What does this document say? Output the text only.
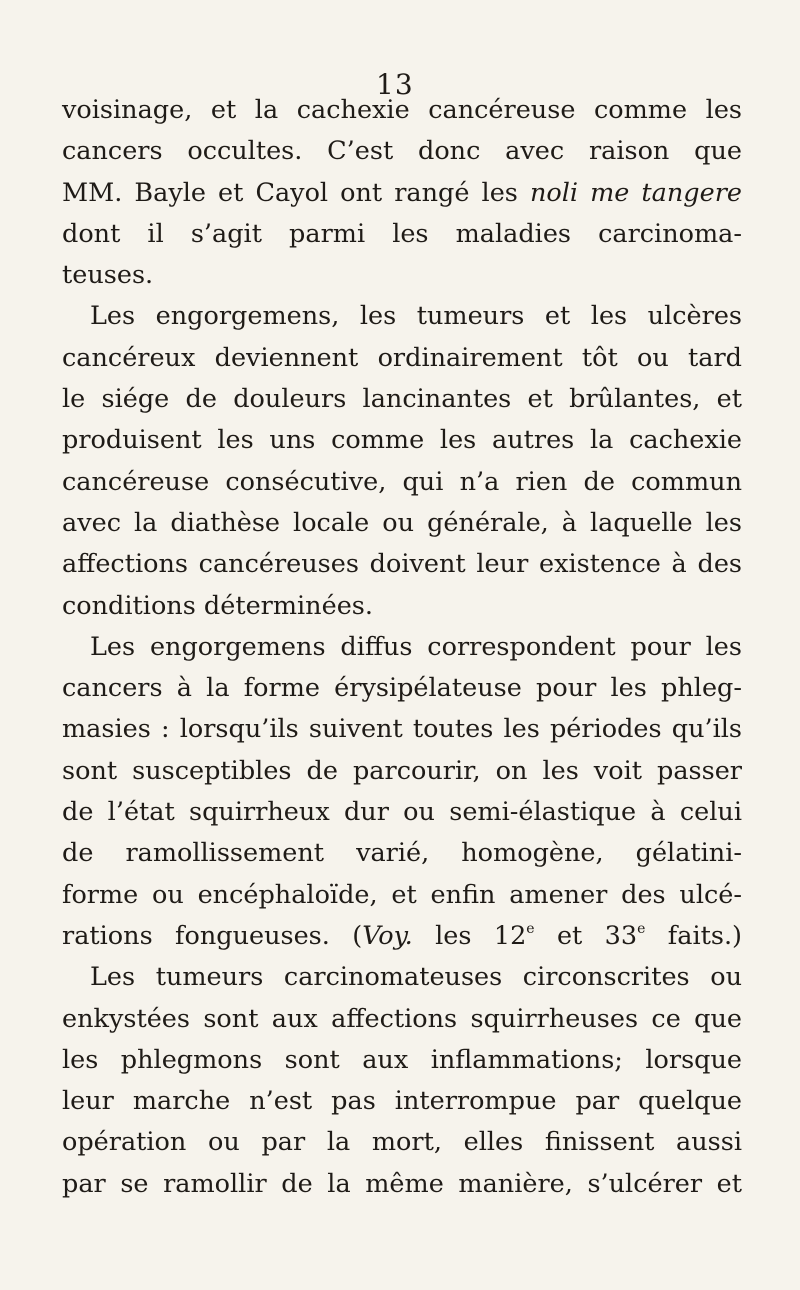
13
voisinage, et la cachexie cancéreuse comme les
cancers occultes. C’est donc avec raison que
MM. Bayle et Cayol ont rangé les noli me tangere
dont il s’agit parmi les maladies carcinoma-
teuses.
Les engorgemens, les tumeurs et les ulcères
cancéreux deviennent ordinairement tôt ou tard
le siége de douleurs lancinantes et brûlantes, et
produisent les uns comme les autres la cachexie
cancéreuse consécutive, qui n’a rien de commun
avec la diathèse locale ou générale, à laquelle les
affections cancéreuses doivent leur existence à des
conditions déterminées.
Les engorgemens diffus correspondent pour les
cancers à la forme érysipélateuse pour les phleg-
masies : lorsqu’ils suivent toutes les périodes qu’ils
sont susceptibles de parcourir, on les voit passer
de l’état squirrheux dur ou semi-élastique à celui
de ramollissement varié, homogène, gélatini-
forme ou encéphaloïde, et enfin amener des ulcé-
rations fongueuses. (Voy. les 12e et 33e faits.)
Les tumeurs carcinomateuses circonscrites ou
enkystées sont aux affections squirrheuses ce que
les phlegmons sont aux inflammations; lorsque
leur marche n’est pas interrompue par quelque
opération ou par la mort, elles finissent aussi
par se ramollir de la même manière, s’ulcérer et
